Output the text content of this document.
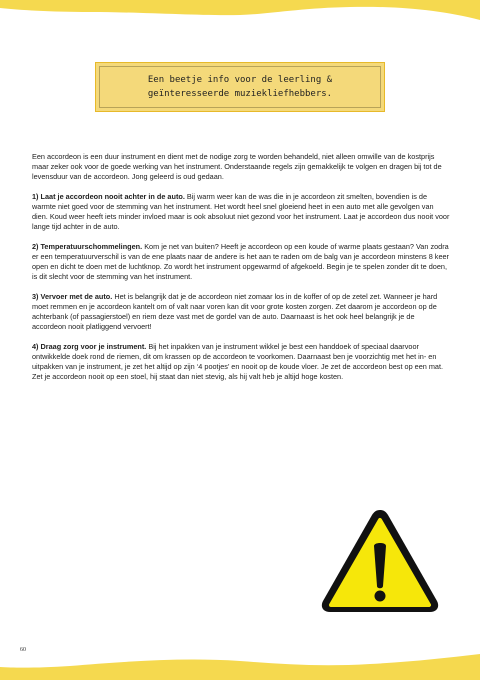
Een beetje info voor de leerling & geïnteresseerde muziekliefhebbers.

Een accordeon is een duur instrument en dient met de nodige zorg te worden behandeld, niet alleen omwille van de kostprijs maar zeker ook voor de goede werking van het instrument. Onderstaande regels zijn gemakkelijk te volgen en dragen bij tot de levensduur van de accordeon. Jong geleerd is oud gedaan.

1) Laat je accordeon nooit achter in de auto. Bij warm weer kan de was die in je accordeon zit smelten, bovendien is de warmte niet goed voor de stemming van het instrument. Het wordt heel snel gloeiend heet in een auto met alle gevolgen van dien. Koud weer heeft iets minder invloed maar is ook absoluut niet gezond voor het instrument. Laat je accordeon dus nooit voor lange tijd achter in de auto.

2) Temperatuurschommelingen. Kom je net van buiten? Heeft je accordeon op een koude of warme plaats gestaan? Van zodra er een temperatuurverschil is van de ene plaats naar de andere is het aan te raden om de balg van je accordeon minstens 8 keer open en dicht te doen met de luchtknop. Zo wordt het instrument opgewarmd of afgekoeld. Begin je te spelen zonder dit te doen, is dit slecht voor de stemming van het instrument.

3) Vervoer met de auto. Het is belangrijk dat je de accordeon niet zomaar los in de koffer of op de zetel zet. Wanneer je hard moet remmen en je accordeon kantelt om of valt naar voren kan dit voor grote kosten zorgen. Zet daarom je accordeon op de achterbank (of passagierstoel) en riem deze vast met de gordel van de auto. Daarnaast is het ook heel belangrijk je de accordeon nooit platliggend vervoert!

4) Draag zorg voor je instrument. Bij het inpakken van je instrument wikkel je best een handdoek of speciaal daarvoor ontwikkelde doek rond de riemen, dit om krassen op de accordeon te voorkomen. Daarnaast ben je voorzichtig met het in- en uitpakken van je instrument, je zet het altijd op zijn ‘4 pootjes’ en nooit op de koude vloer. Je zet de accordeon best op een mat. Zet je accordeon nooit op een stoel, hij staat dan niet stevig, als hij valt heb je altijd hoge kosten.

60
